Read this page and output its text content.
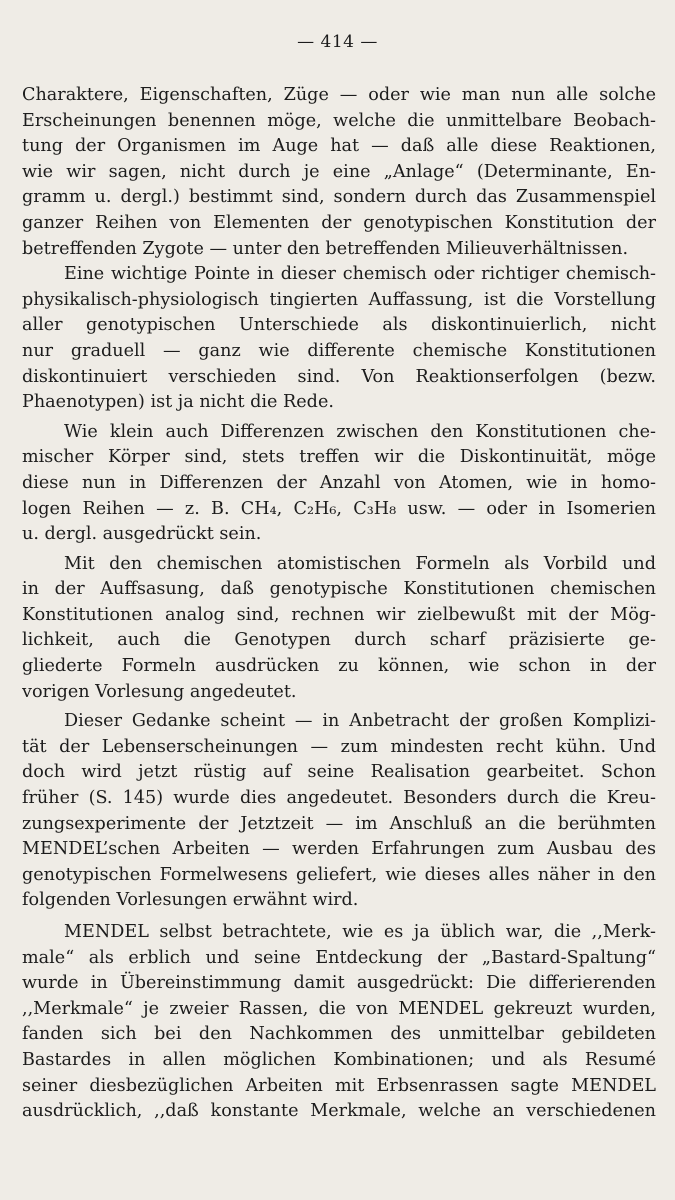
— 414 —
Charaktere, Eigenschaften, Züge — oder wie man nun alle solche
Erscheinungen benennen möge, welche die unmittelbare Beobach-
tung der Organismen im Auge hat — daß alle diese Reaktionen,
wie wir sagen, nicht durch je eine „Anlage“ (Determinante, En-
gramm u. dergl.) bestimmt sind, sondern durch das Zusammenspiel
ganzer Reihen von Elementen der genotypischen Konstitution der
betreffenden Zygote — unter den betreffenden Milieuverhältnissen.
Eine wichtige Pointe in dieser chemisch oder richtiger chemisch-
physikalisch-physiologisch tingierten Auffassung, ist die Vorstellung
aller genotypischen Unterschiede als diskontinuierlich, nicht
nur graduell — ganz wie differente chemische Konstitutionen
diskontinuiert verschieden sind. Von Reaktionserfolgen (bezw.
Phaenotypen) ist ja nicht die Rede.
Wie klein auch Differenzen zwischen den Konstitutionen che-
mischer Körper sind, stets treffen wir die Diskontinuität, möge
diese nun in Differenzen der Anzahl von Atomen, wie in homo-
logen Reihen — z. B. CH₄, C₂H₆, C₃H₈ usw. — oder in Isomerien
u. dergl. ausgedrückt sein.
Mit den chemischen atomistischen Formeln als Vorbild und
in der Auffsasung, daß genotypische Konstitutionen chemischen
Konstitutionen analog sind, rechnen wir zielbewußt mit der Mög-
lichkeit, auch die Genotypen durch scharf präzisierte ge-
gliederte Formeln ausdrücken zu können, wie schon in der
vorigen Vorlesung angedeutet.
Dieser Gedanke scheint — in Anbetracht der großen Komplizi-
tät der Lebenserscheinungen — zum mindesten recht kühn. Und
doch wird jetzt rüstig auf seine Realisation gearbeitet. Schon
früher (S. 145) wurde dies angedeutet. Besonders durch die Kreu-
zungsexperimente der Jetztzeit — im Anschluß an die berühmten
MENDEL’schen Arbeiten — werden Erfahrungen zum Ausbau des
genotypischen Formelwesens geliefert, wie dieses alles näher in den
folgenden Vorlesungen erwähnt wird.
MENDEL selbst betrachtete, wie es ja üblich war, die ,,Merk-
male“ als erblich und seine Entdeckung der „Bastard-Spaltung“
wurde in Übereinstimmung damit ausgedrückt: Die differierenden
,,Merkmale“ je zweier Rassen, die von MENDEL gekreuzt wurden,
fanden sich bei den Nachkommen des unmittelbar gebildeten
Bastardes in allen möglichen Kombinationen; und als Resumé
seiner diesbezüglichen Arbeiten mit Erbsenrassen sagte MENDEL
ausdrücklich, ,,daß konstante Merkmale, welche an verschiedenen
